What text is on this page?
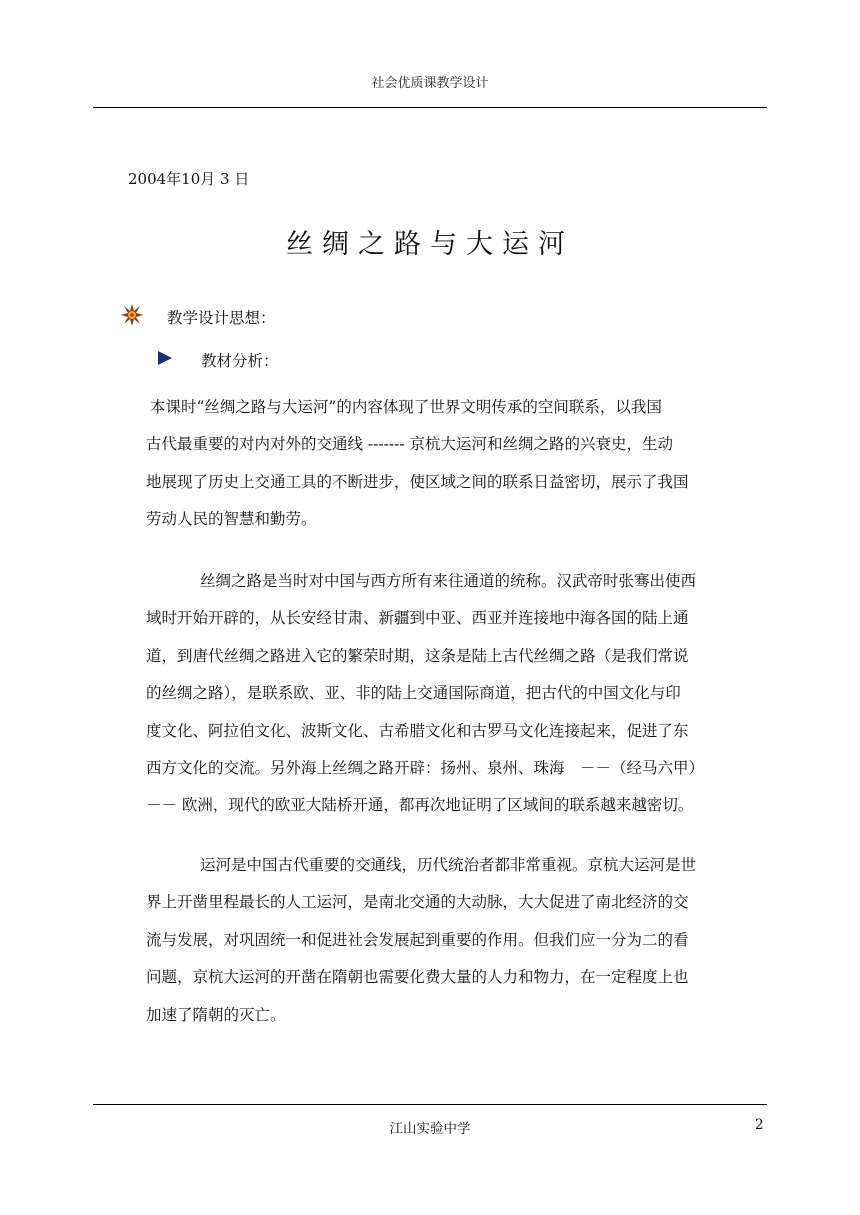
社会优质课教学设计
2004年10月 3 日
丝绸之路与大运河
教学设计思想：
教材分析：
本课时“丝绸之路与大运河”的内容体现了世界文明传承的空间联系，以我国
古代最重要的对内对外的交通线 ------- 京杭大运河和丝绸之路的兴衰史，生动
地展现了历史上交通工具的不断进步，使区域之间的联系日益密切，展示了我国
劳动人民的智慧和勤劳。
丝绸之路是当时对中国与西方所有来往通道的统称。汉武帝时张骞出使西
域时开始开辟的，从长安经甘肃、新疆到中亚、西亚并连接地中海各国的陆上通
道，到唐代丝绸之路进入它的繁荣时期，这条是陆上古代丝绸之路（是我们常说
的丝绸之路），是联系欧、亚、非的陆上交通国际商道，把古代的中国文化与印
度文化、阿拉伯文化、波斯文化、古希腊文化和古罗马文化连接起来，促进了东
西方文化的交流。另外海上丝绸之路开辟：扬州、泉州、珠海　－－（经马六甲）
－－ 欧洲，现代的欧亚大陆桥开通，都再次地证明了区域间的联系越来越密切。
运河是中国古代重要的交通线，历代统治者都非常重视。京杭大运河是世
界上开凿里程最长的人工运河，是南北交通的大动脉，大大促进了南北经济的交
流与发展，对巩固统一和促进社会发展起到重要的作用。但我们应一分为二的看
问题，京杭大运河的开凿在隋朝也需要化费大量的人力和物力，在一定程度上也
加速了隋朝的灭亡。
江山实验中学	2
